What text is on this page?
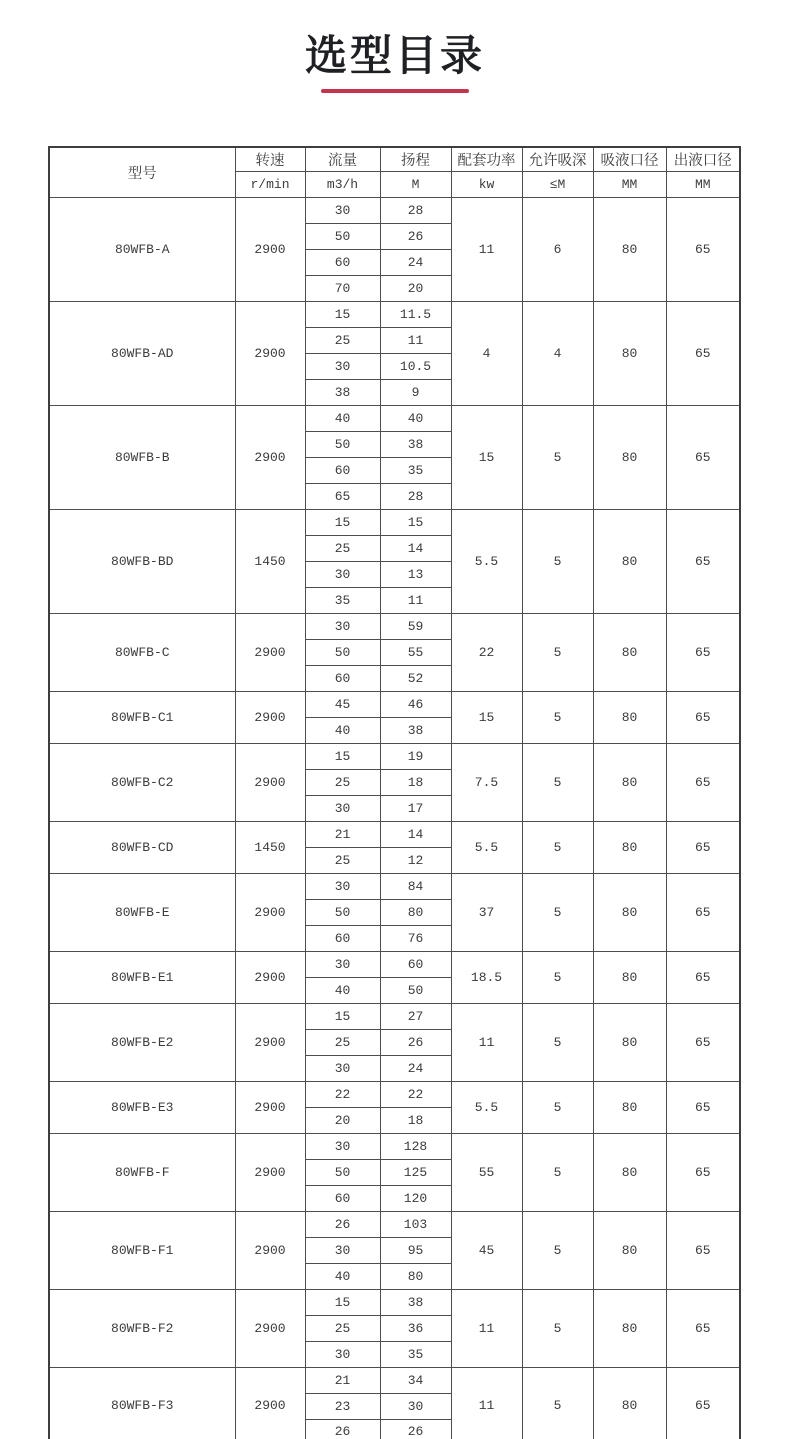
选型目录
型号	转速	流量	扬程	配套功率	允许吸深	吸液口径	出液口径
	r/min	m3/h	M	kw	≤M	MM	MM
80WFB-A	2900	30	28	11	6	80	65
		50	26				
		60	24				
		70	20				
80WFB-AD	2900	15	11.5	4	4	80	65
		25	11				
		30	10.5				
		38	9				
80WFB-B	2900	40	40	15	5	80	65
		50	38				
		60	35				
		65	28				
80WFB-BD	1450	15	15	5.5	5	80	65
		25	14				
		30	13				
		35	11				
80WFB-C	2900	30	59	22	5	80	65
		50	55				
		60	52				
80WFB-C1	2900	45	46	15	5	80	65
		40	38				
80WFB-C2	2900	15	19	7.5	5	80	65
		25	18				
		30	17				
80WFB-CD	1450	21	14	5.5	5	80	65
		25	12				
80WFB-E	2900	30	84	37	5	80	65
		50	80				
		60	76				
80WFB-E1	2900	30	60	18.5	5	80	65
		40	50				
80WFB-E2	2900	15	27	11	5	80	65
		25	26				
		30	24				
80WFB-E3	2900	22	22	5.5	5	80	65
		20	18				
80WFB-F	2900	30	128	55	5	80	65
		50	125				
		60	120				
80WFB-F1	2900	26	103	45	5	80	65
		30	95				
		40	80				
80WFB-F2	2900	15	38	11	5	80	65
		25	36				
		30	35				
80WFB-F3	2900	21	34	11	5	80	65
		23	30				
		26	26				
